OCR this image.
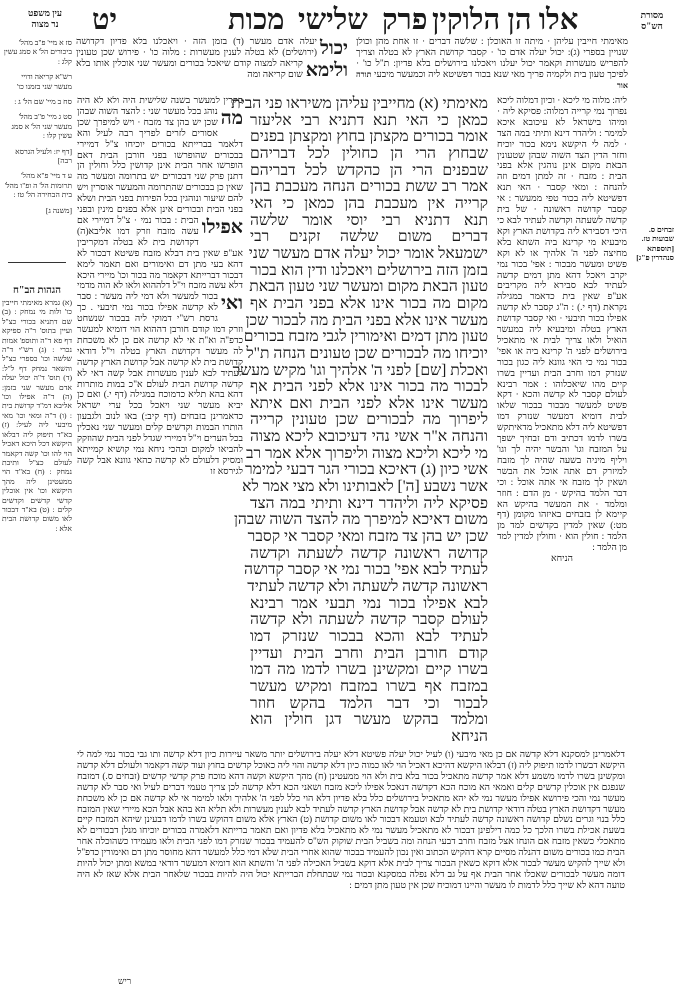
עין משפט
נר מצוה	יט	מכות שלישי פרק אלו הן הלוקין	מסורת
הש"ס
יכול
יעלה אדם מעשר (ד) בזמן הזה · ויאכלנו בלא פדיון דקדושה (ירושלים) לא בטלה לענין מעשרות :
ולימא
מלוה כו' · פירוש שכן טעונין קריאה למצוה קודם שיאכל בכורים ומעשר שני אוכלין אותו בלא שום קריאה ומה
מאימתי חייבין עליהן · מיתה זו האוכלן : שלשה דברים · זו אחת מהן וכולן שנויין בספרי (ג): יכול יעלה אדם כו' · קסבר קדושת הארץ לא בטלה וצריך להפריש מעשרות וקאמר יכול יעלנו ויאכלנו בירושלים בלא פדיון: ת"ל כו' · לפיכך טעון בית ולקמיה פריך מאי שנא בכור דפשיטא ליה וכמעשר מיבעי תורה אור
מאימתי (א) מחייבין עליהן משיראו פני הבית
כמאן כי האי תנא דתניא רבי אליעזר
אומר בכורים מקצתן בחוץ ומקצתן בפנים
שבחוץ הרי הן כחולין לכל דבריהם
שבפנים הרי הן כהקדש לכל דבריהם
אמר רב ששת בכורים הנחה מעכבת בהן
קרייה אין מעכבת בהן כמאן כי האי
תנא דתניא רבי יוסי אומר שלשה
דברים משום שלשה זקנים רבי
ישמעאל אומר יכול יעלה אדם מעשר שני
בזמן הזה בירושלים ויאכלנו ודין הוא בכור
טעון הבאת מקום ומעשר שני טעון הבאת
מקום מה בכור אינו אלא בפני הבית אף
מעשר אינו אלא בפני הבית מה לבכור שכן
טעון מתן דמים ואימורין לגבי מזבח בכורים
יוכיחו מה לבכורים שכן טעונים הנחה ת"ל
ואכלת [שם] לפני ה' אלהיך וגו' מקיש מעשר
לבכור מה בכור אינו אלא לפני הבית אף
מעשר אינו אלא לפני הבית ואם איתא
ליפרוך מה לבכורים שכן טעונין קרייה
והנחה א"ר אשי נהי דעיכובא ליכא מצוה
מי ליכא וליכא מצוה וליפרוך אלא אמר רב
אשי כיון (ג) דאיכא בכורי הגר דבעי למימר
אשר נשבע [ה'] לאבותינו ולא מצי אמר לא
פסיקא ליה וליהדר דינא ותיתי במה הצד
משום דאיכא למיפרך מה להצד השוה שבהן
שכן יש בהן צד מזבח ומאי קסבר אי קסבר
קדושה ראשונה קדשה לשעתה וקדשה
לעתיד לבא אפי' בכור נמי אי קסבר קדושה
ראשונה קדשה לשעתה ולא קדשה לעתיד
לבא אפילו בכור נמי תבעי אמר רבינא
לעולם קסבר קדשה לשעתה ולא קדשה
לעתיד לבא והכא בבכור שנזרק דמו
קודם חורבן הבית וחרב הבית ועדיין
בשרו קיים ומקשינן בשרו לדמו מה דמו
במזבח אף בשרו במזבח ומקיש מעשר
לבכור וכי דבר הלמד בהקש חוזר
ומלמד בהקש מעשר דגן חולין הוא
הניחא
סקרין למעשר בשנה שלישית היה ולא לא היה נוהג בכל מעשר שני : מה
להצד השוה שבהן שכן יש בהן צד מזבח · ויש למיפרך שכן אסורים לזרים לפריך רבה לעיל והא דלאמר בברייתא בכורים יוכיחו צ"ל דמיירי בבכורים שהופרשו בפני חורבן הבית דאם הופרשו אחר הבית אינן קדושין כלל וחולין הן דתנן פרק שני דבכורים יש בתרומה ומעשר מה שאין כן בבכורים שהתרומה והמעשר אוסרין ויש להם שיעור ונוהגין בכל הפירות בפני הבית ושלא בפני הבית ובכורים אינן אלא בפנים מינין ובפני הבית : אפילו
בכור נמי · צ"ל דמיירי אם עשה מזבח וזרק דמו אליבא(ה) דקדושת בית לא בטלה דמקריבין אע"פ שאין בית דבלא מזבח פשיטא דבכור לא דהא בעי מתן דם ואימורים ואם תאמר לימא דבכור דברייתא דקאמר מה בכור וכו' מיירי היכא דלא עשה מזבח וי"ל דלההוא ולאו לא הוה מדמי בכור למעשר ולא דמי ליה מעשר : ואי
סבר לא קדשה אפילו בכור נמי תיבעי . כך גרסת רש"י דמוקי ליה בבכור שנשחט וזרק דמו קודם חורבן דההוא הוי דומיא למעשר כדפ"ה וא"ת אי לא קדשה אם כן לא משכחת לה מעשר דקדושת הארץ בטלה וי"ל דודאי קדושת בית לא קדשה אבל קדושת הארץ קדשה לעתיד לבא לענין מעשרות אבל קשה דאי לא קדשה קדושת הבית לעולם א"כ במות מותרות דהא בהא תליא כדמוכח במגילה (דף י.) ואם כן יביא מעשר שני ויאכל בכל ערי ישראל כדאמרינן בזבחים (דף קיב:) באו לנוב ולגבעון הותרו הבמות וקדשים קלים ומעשר שני נאכלין בכל הערים וי"ל דמיירי שגדל לפני הבית שהוזקק להביאו למקום ובהכי ניחא נמי קושיא קמייתא ומסיק דלעולם לא קדשה כהאי גוונא אבל קשה לגירסא זו
ליה: מלוה מי ליכא · וכיון דמלוה ליכא נפרוך נמי קרייה דמלוה: פסיקא ליה · ומיהו בישראל לא עיכובא איכא למימר : וליהדר דינא ותיתי במה הצד · למה לי היקשא נימא בכור יוכיח וחזר הדין הצד השוה שבהן שטעונין הבאת מקום אינן נוהגין אלא בפני הבית : מזבח · זה למתן דמים וזה להנחה : ומאי קסבר · האי תנא דפשיטא ליה בכור טפי ממעשר : אי קסבר קדושה ראשונה · של בית קדשה לשעתה וקדשה לעתיד לבא כי היכי דסבירא ליה בקדושת הארץ וקא מיבעיא מי קרינא ביה השתא בלא מחיצה לפני ה' אלהיך או לא וקא פשיט ומעשר מבכור : אפי' בכור נמי יקרב ויאכל דהא מתן דמים קדשה לעתיד לבא סבירא ליה מקריבים אע"פ שאין בית כדאמר במגילה נקראת (דף י.) : ה"ג קסבר לא קדשה אפילו בכור תיבעי · ואי קסבר קדושת הארץ בטלה ומיבעיא ליה במעשר הואיל ולאו צריך לבית אי מתאכיל בירושלים לפני ה' קרינא ביה או אפי' בכור נמי כי האי גוונא ליה כגון בכור שנזרק דמו וחרב הבית ועדיין בשרו קיים מהו שיאכלוהו : אמר רבינא לעולם קסבר לא קדשה והכא · דקא פשיט למעשר מבכור בבכור שלאו לבית דומיא דמעשר שנזרק דמו דפשיטא ליה דלא מתאכיל מדאיתקש בשרו לדמו דכתיב ודם זבחיך ישפך על המזבח וגו' והבשר יהיה לך וגו' ויליף מיניה בשעה שהיה לך מזבח למיזרק דם אתה אוכל את הבשר ושאין לך מזבח אי אתה אוכל : וכי דבר הלמד בהיקש · מן הדם : חוזר ומלמד · את המעשר בהיקש הא קיימא לן בזבחים באיזהו מקומן (דף מט:) שאין למדין בקדשים למד מן הלמד : חולין הוא · וחולין למדין למד מן הלמד :
הניחא
דלאמרינן למסקנא דלא קדשה אם כן מאי מיבעי (ו) לעיל יכול יעלה פשיטא דלא יעלה בירושלים יותר משאר עיירות כיון דלא קדשה ותו גבי בכור נמי למה לי היקשא דבשרו לדמו תיפוק ליה (ז) דבלאו היקשא דהיכא דאכיל הוי לאו כמוה כיון דלא קדשה והוי ליה כאוכל קדשים בחוץ ועוד קשה דקאמר ולעולם דלא קדשה ומקשינן בשרו לדמו משמע דלא אמר קדשה מתאכיל בכור בלא בית ולא הוי ממעטינן (ח) מהך היקשא וקשה דהא מוכח פרק קדשי קדשים (זבחים ס.) דמזבח שנפגם אין אוכלין קדשים קלים ואמאי הא מוכח הכא דקדשה דנאכל אפילו ליכא מזבח ושאני הכא דלא קדשה לכן צריך טעמי דברים לעיל ואי סבר לא קדשה מעשר נמי והכי פירושא אפילו מעשר נמי לא יהא מתאכיל בירושלים כלל בלא פדיון דלא הוי כלל לפני ה' אלהיך ולאו למימר אי לא קדשה אם כן לא משכחת מעשר דקדושת הארץ בטלה דודאי קדושת בית לא קדשה אבל קדושת הארץ קדשה לעתיד לבא לענין מעשרות ולא תליא הא בהא אבל הכא מיירי שאין המזבח כלל בנוי וגרים נשלם קדושה ראשונה קדשה לעתיד לבא וטעמא דבכור לאו משום קדושת (ט) הארץ אלא משום דהוקש בשרו לדמו דבעינן שיהא המזבח קיים בשעת אכילת בשרו הלכך כל כמה דילפינן דבכור לא מתאכיל מעשר נמי לא מתאכיל בלא פדיון ואם תאמר ברייתא דלאמרה בכורים יוכיחו מנלן דבכורים לא מתאכלי כשאין מזבח אם הונחו אצל מזבח וחרב דבעי הנחה ומה בשביל הבית שוקוק הש"ס להעמיד בבכור שנזרק דמו לפני הבית ולאו מעמידו כשהוכלה אחר הבית כמו בכורים משום דהנלה מסיים קרא דהקיש הכתוב ואין נכון להעמיד בבכור שהוא אחרי הבית שלא דמי כלל למעשר דהא מחוסר מתן דם ואימורין כדפ"ל ולא שייך להקיש מעשר לבכור אלא דוקא כשאין הבכור צריך לבית אלא דוקא בשביל האכילה לפני ה' והשתא הוא דומיא דמעשר דודאי במשא ומתן יכול להיות דומה מעשר לבכורים שאכלו אחר הבית אף על גב דלא נפלה במסקנא ובכור נמי שבתחלת הברייתא יכול היה להיות בבכור שלאחר הבית אלא שאז לא היה טועה דהא לא שייך כלל לדמות לו מעשר והיינו דמוכיח שכן אין טעון מתן דמים :
ריש
סז א מיי' פ"ב מהל' ביכורים הל' א סמג עשין קלג :
רש"א קריאה ודויי מעשר שני בזמנו כו'
סח ב מיי' שם הל' ג :
סט ג מיי' פ"ב מהל' מעשר שני הל' א סמג עשין קלו :
[דף יז: ולעיל הגרסא רבה]
ע ד מיי' פ"א מהל' תרומות הל' ה ופ"ו מהל' בית הבחירה הל' טז :
[משנה ג]
הגהות הב"ח
(א) גמרא מאימתי חייבין כו' ולות מי נמחק : (ב) שם דתניא בכורי כצ"ל ועיין בתוס' ר"ה ספיקא דף פא ד"ה ותוספ' אמות נכרי : (ג) רש"י ד"ה שלשה וכו' בספרי כצ"ל והשאר נמחק דף ל"ל: (ד) תוס' ד"ה יכול יעלה אדם מעשר שני בזמן: (ה) ד"ה אפילו וכו' אליבא דמ"ד קדושת בית : (ו) ד"ה ומאי וכו' מאי מיבעי ליה לעיל: (ז) בא"ד תיפוק ליה דבלאו היקשא דכל היכא דאכיל הוי להו וכו' קשה דקאמר לעולם כצ"ל ותיבת נמחק : (ח) בא"ד הוי ממעטינן ליה מהך היקשא וכו' אין אוכלין קדשי קדשים וקדשים קלים : (ט) בא"ד דבכור לאו משום קדושת הבית אלא :
זבחים ס.
שבועות טז.
[תוספתא
סנהדרין פ"ג]
